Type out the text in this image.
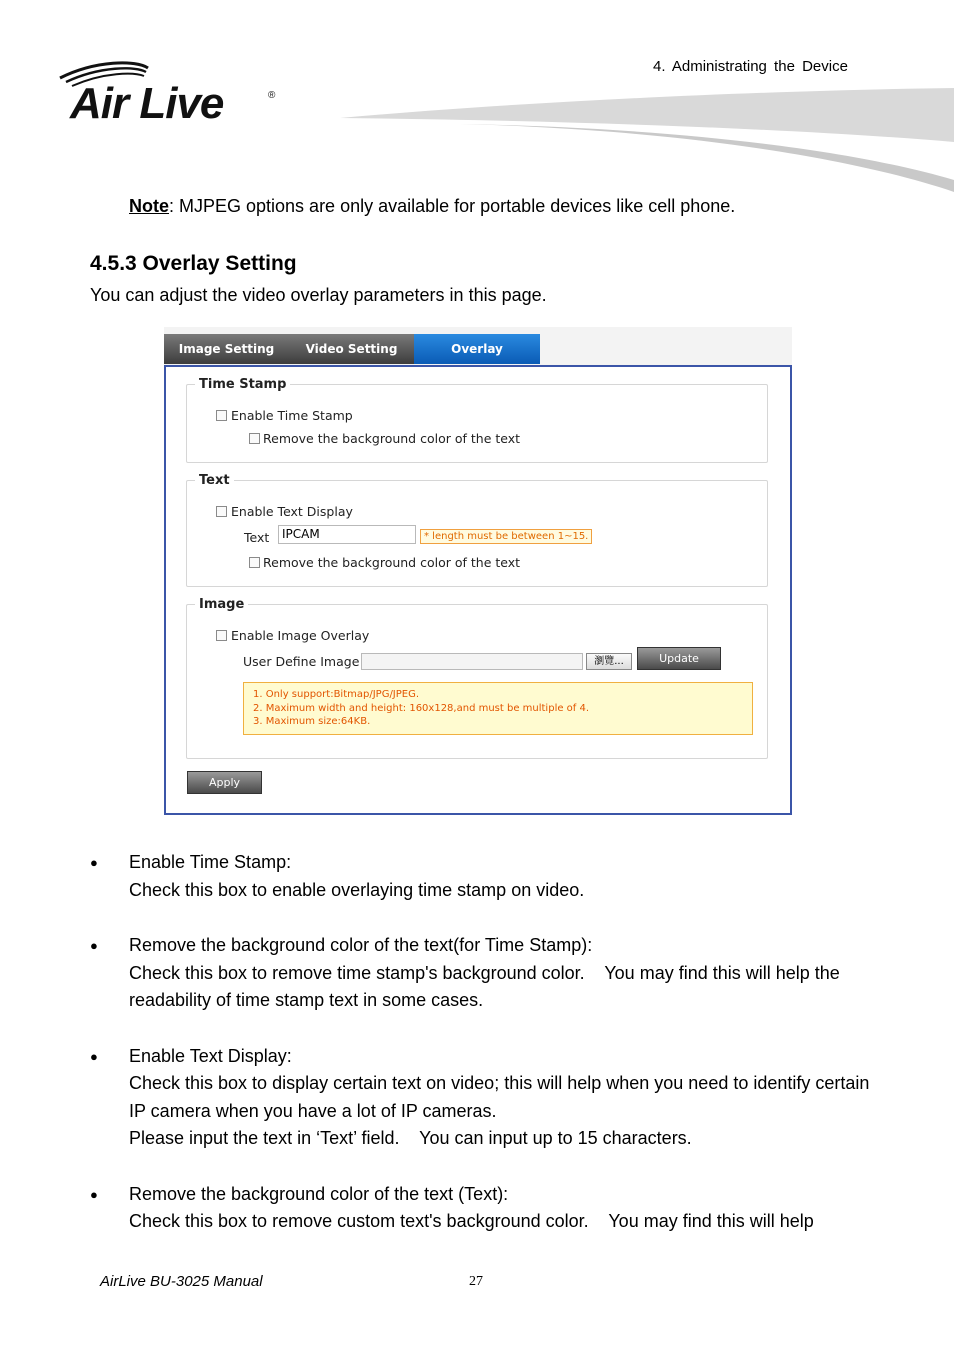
4. Administrating the Device
Air Live	®
Note: MJPEG options are only available for portable devices like cell phone.
4.5.3 Overlay Setting
You can adjust the video overlay parameters in this page.
Image Setting	Video Setting	Overlay
Time Stamp
Enable Time Stamp
Remove the background color of the text
Text
Enable Text Display
Text	IPCAM	* length must be between 1~15.
Remove the background color of the text
Image
Enable Image Overlay
User Define Image	瀏覽...	Update
1. Only support:Bitmap/JPG/JPEG.
2. Maximum width and height: 160x128,and must be multiple of 4.
3. Maximum size:64KB.
Apply
● Enable Time Stamp:

Check this box to enable overlaying time stamp on video.

● Remove the background color of the text(for Time Stamp):

Check this box to remove time stamp's background color.    You may find this will help the readability of time stamp text in some cases.

● Enable Text Display:

Check this box to display certain text on video; this will help when you need to identify certain IP camera when you have a lot of IP cameras.

Please input the text in ‘Text’ field.    You can input up to 15 characters.

● Remove the background color of the text (Text):

Check this box to remove custom text's background color.    You may find this will help

AirLive BU-3025 Manual	27
